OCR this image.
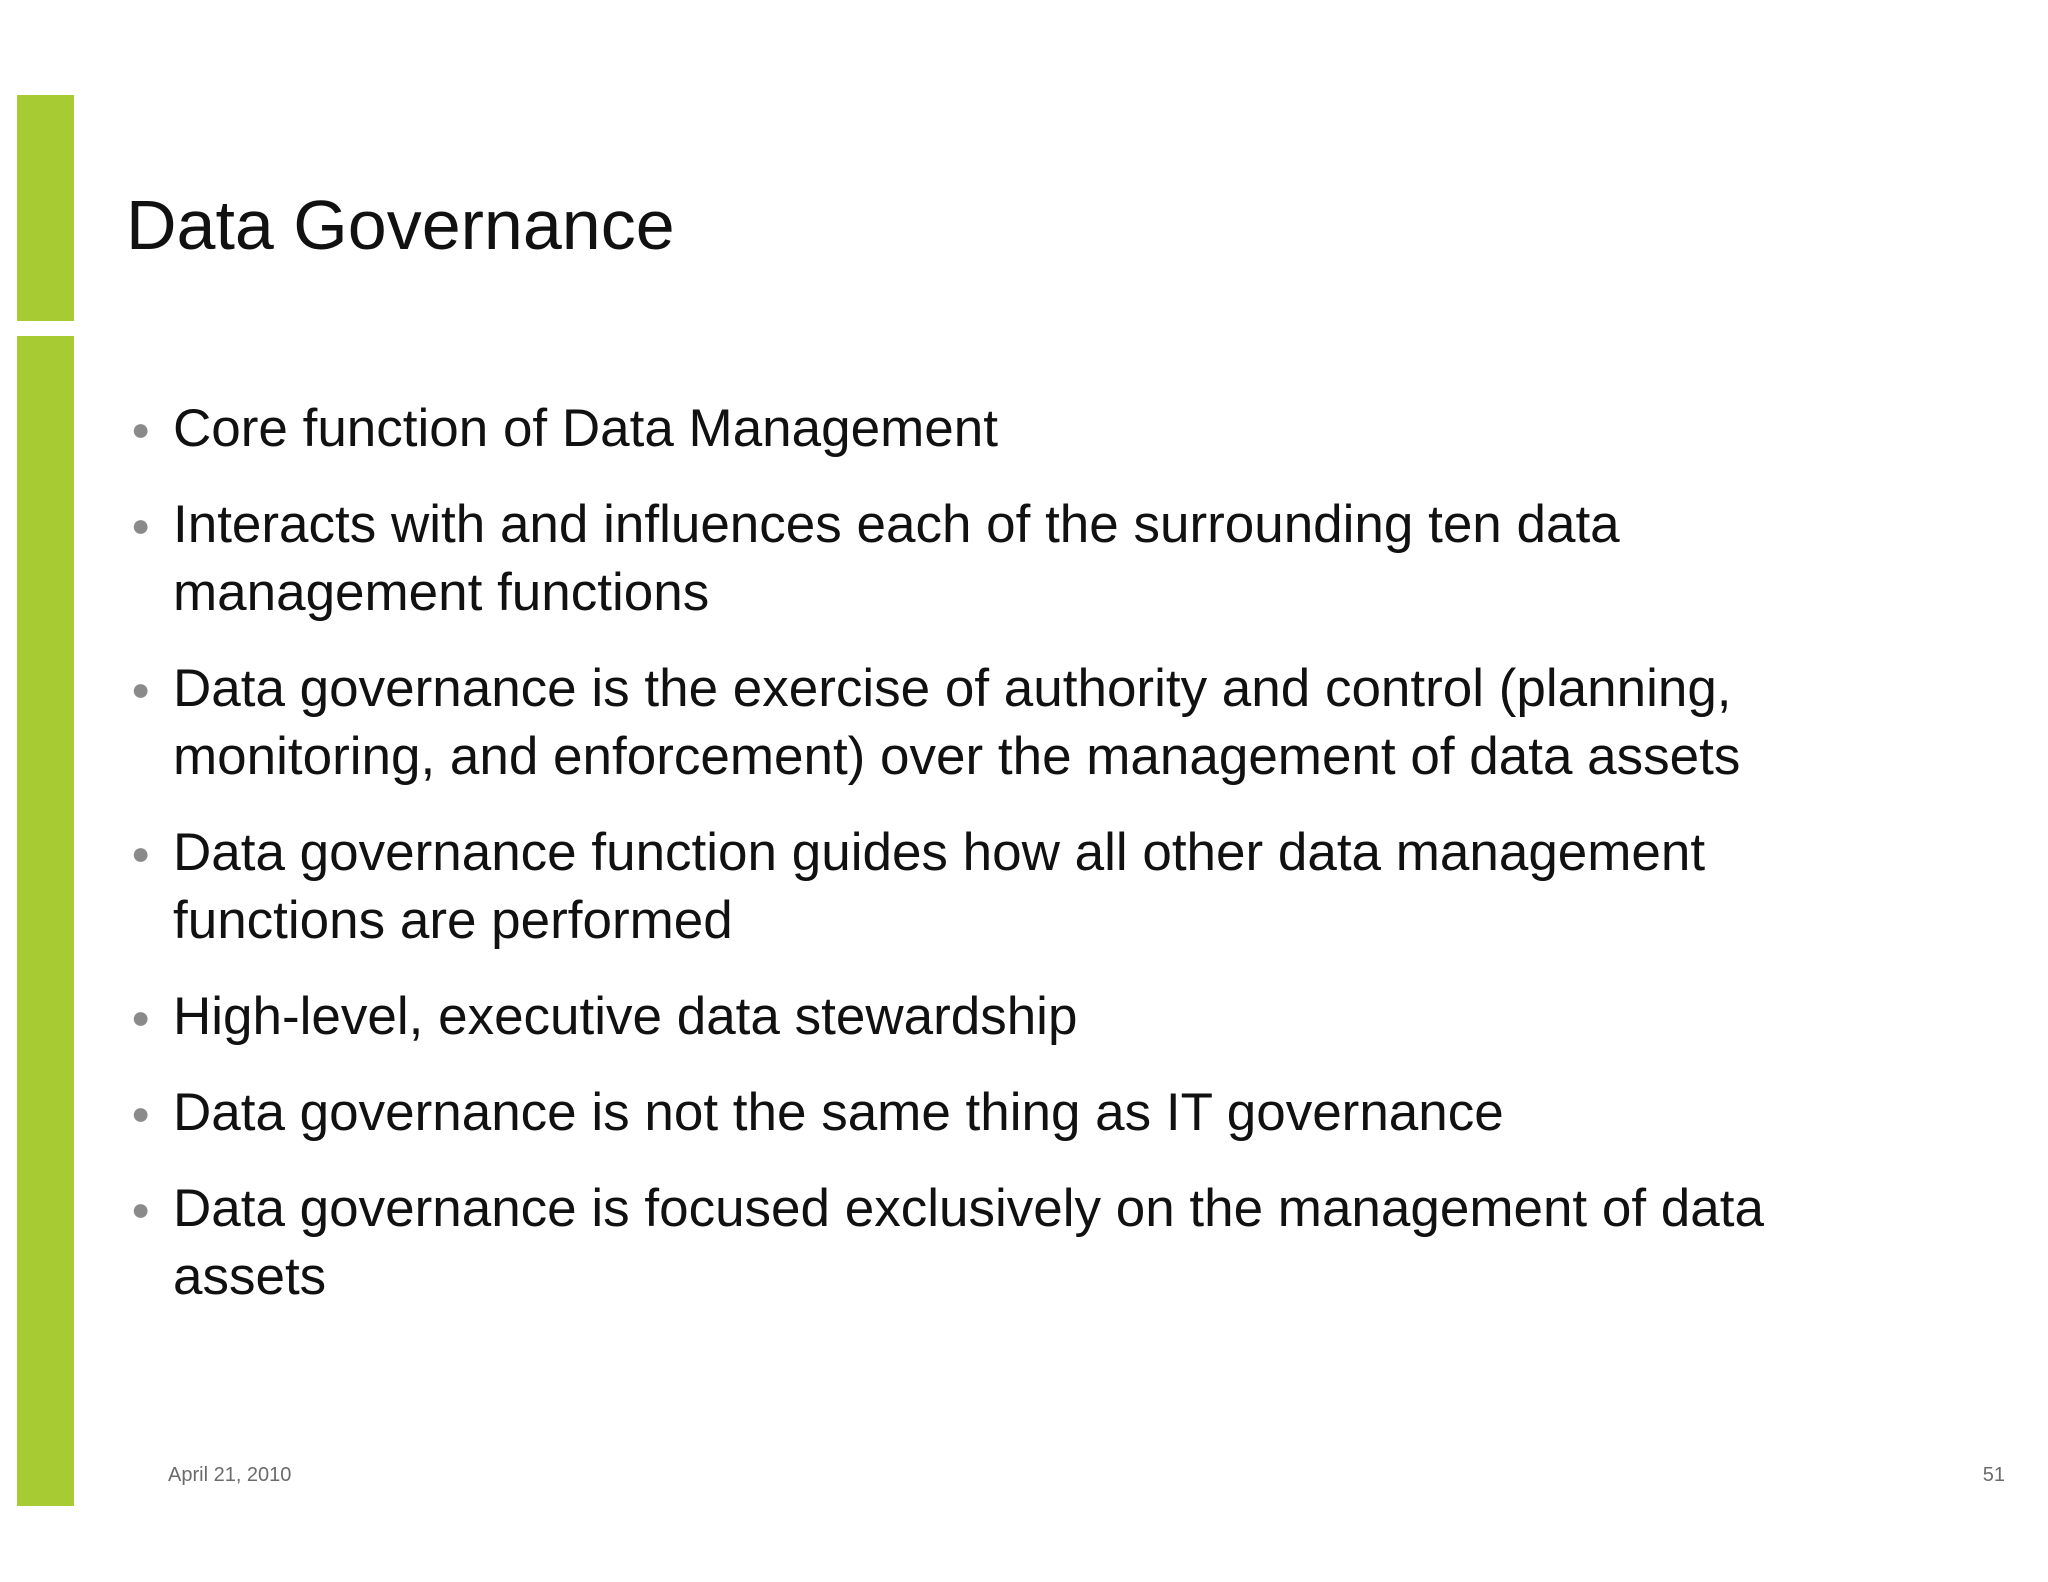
Data Governance
● Core function of Data Management
● Interacts with and influences each of the surrounding ten data management functions
● Data governance is the exercise of authority and control (planning, monitoring, and enforcement) over the management of data assets
● Data governance function guides how all other data management functions are performed
● High-level, executive data stewardship
● Data governance is not the same thing as IT governance
● Data governance is focused exclusively on the management of data assets
April 21, 2010	51
